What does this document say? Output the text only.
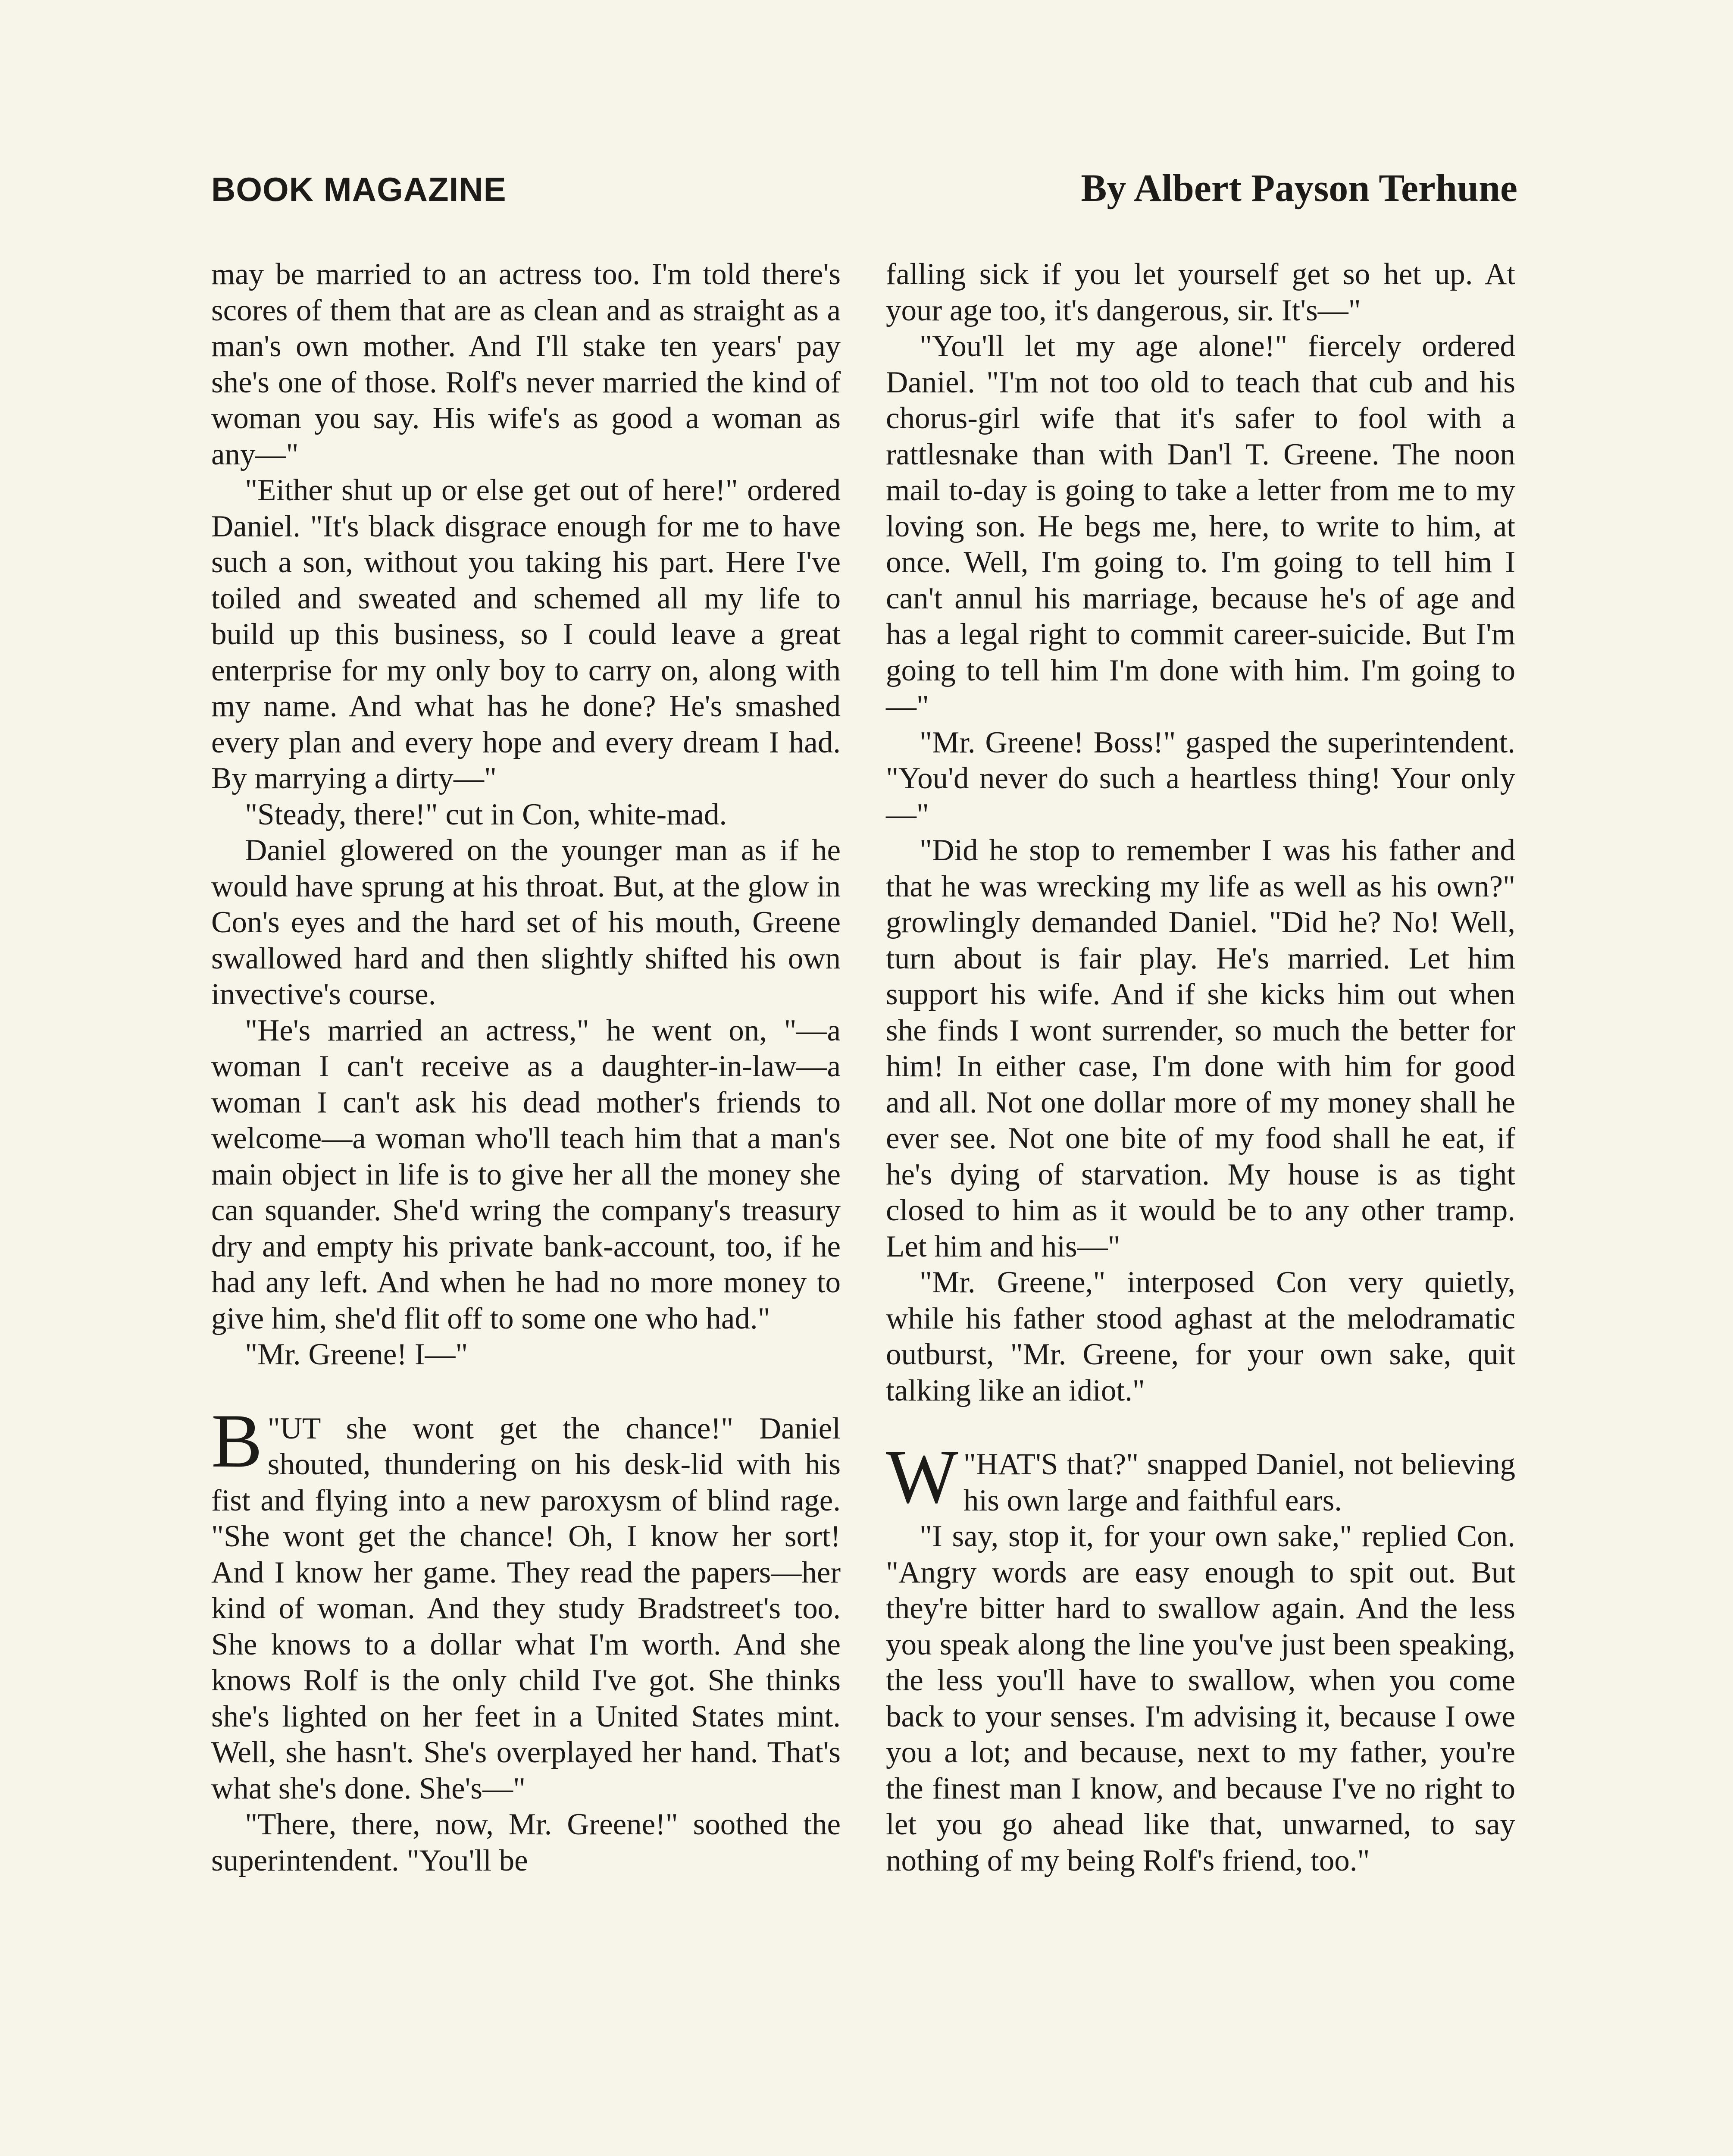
BOOK MAGAZINE	By Albert Payson Terhune

may be married to an actress too. I'm told there's scores of them that are as clean and as straight as a man's own mother. And I'll stake ten years' pay she's one of those. Rolf's never married the kind of woman you say. His wife's as good a woman as any—"

"Either shut up or else get out of here!" ordered Daniel. "It's black disgrace enough for me to have such a son, without you taking his part. Here I've toiled and sweated and schemed all my life to build up this business, so I could leave a great enterprise for my only boy to carry on, along with my name. And what has he done? He's smashed every plan and every hope and every dream I had. By marrying a dirty—"

"Steady, there!" cut in Con, white-mad.

Daniel glowered on the younger man as if he would have sprung at his throat. But, at the glow in Con's eyes and the hard set of his mouth, Greene swallowed hard and then slightly shifted his own invective's course.

"He's married an actress," he went on, "—a woman I can't receive as a daughter-in-law—a woman I can't ask his dead mother's friends to welcome—a woman who'll teach him that a man's main object in life is to give her all the money she can squander. She'd wring the company's treasury dry and empty his private bank-account, too, if he had any left. And when he had no more money to give him, she'd flit off to some one who had."

"Mr. Greene! I—"

"
B UT she wont get the chance!" Daniel shouted, thundering on his desk-lid with his fist and flying into a new paroxysm of blind rage. "She wont get the chance! Oh, I know her sort! And I know her game. They read the papers—her kind of woman. And they study Bradstreet's too. She knows to a dollar what I'm worth. And she knows Rolf is the only child I've got. She thinks she's lighted on her feet in a United States mint. Well, she hasn't. She's overplayed her hand. That's what she's done. She's—"

"There, there, now, Mr. Greene!" soothed the superintendent. "You'll be

falling sick if you let yourself get so het up. At your age too, it's dangerous, sir. It's—"

"You'll let my age alone!" fiercely ordered Daniel. "I'm not too old to teach that cub and his chorus-girl wife that it's safer to fool with a rattlesnake than with Dan'l T. Greene. The noon mail to-day is going to take a letter from me to my loving son. He begs me, here, to write to him, at once. Well, I'm going to. I'm going to tell him I can't annul his marriage, because he's of age and has a legal right to commit career-suicide. But I'm going to tell him I'm done with him. I'm going to—"

"Mr. Greene! Boss!" gasped the superintendent. "You'd never do such a heartless thing! Your only—"

"Did he stop to remember I was his father and that he was wrecking my life as well as his own?" growlingly demanded Daniel. "Did he? No! Well, turn about is fair play. He's married. Let him support his wife. And if she kicks him out when she finds I wont surrender, so much the better for him! In either case, I'm done with him for good and all. Not one dollar more of my money shall he ever see. Not one bite of my food shall he eat, if he's dying of starvation. My house is as tight closed to him as it would be to any other tramp. Let him and his—"

"Mr. Greene," interposed Con very quietly, while his father stood aghast at the melodramatic outburst, "Mr. Greene, for your own sake, quit talking like an idiot."

"
W HAT'S that?" snapped Daniel, not believing his own large and faithful ears.

"I say, stop it, for your own sake," replied Con. "Angry words are easy enough to spit out. But they're bitter hard to swallow again. And the less you speak along the line you've just been speaking, the less you'll have to swallow, when you come back to your senses. I'm advising it, because I owe you a lot; and because, next to my father, you're the finest man I know, and because I've no right to let you go ahead like that, unwarned, to say nothing of my being Rolf's friend, too."
